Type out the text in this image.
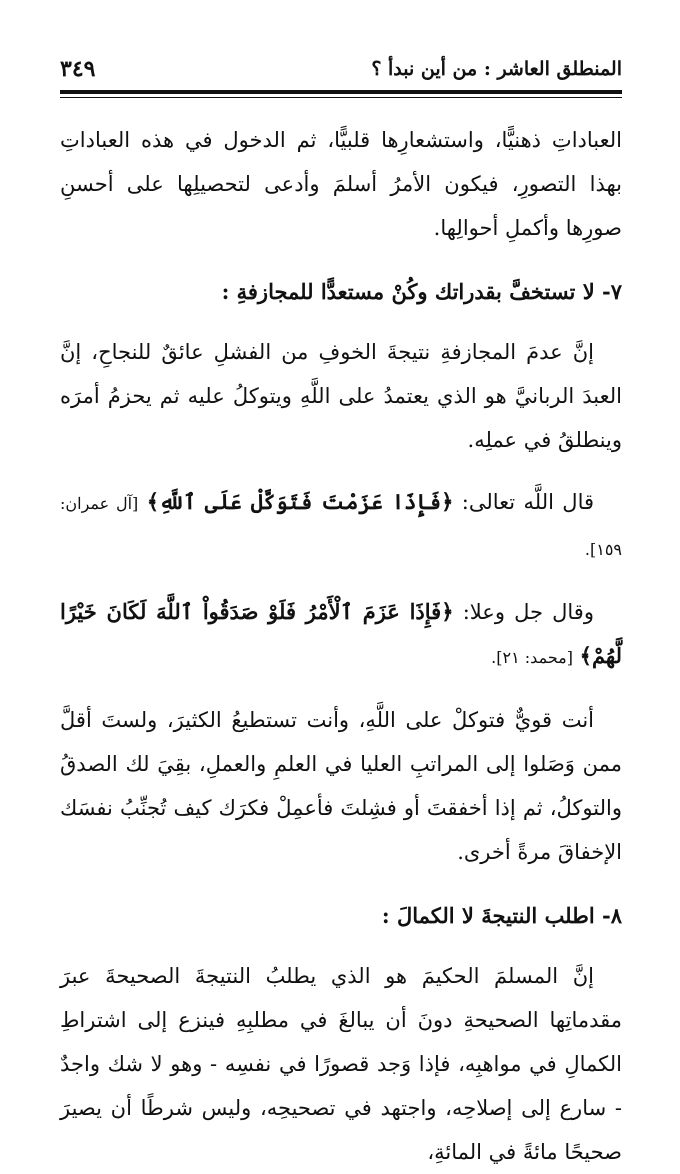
المنطلق العاشر : من أين نبدأ ؟
٣٤٩

العباداتِ ذهنيًّا، واستشعارِها قلبيًّا، ثم الدخول في هذه العباداتِ بهذا التصورِ، فيكون الأمرُ أسلمَ وأدعى لتحصيلِها على أحسنِ صورِها وأكملِ أحوالِها.

٧- لا تستخفَّ بقدراتك وكُنْ مستعدًّا للمجازفةِ :

إنَّ عدمَ المجازفةِ نتيجةَ الخوفِ من الفشلِ عائقٌ للنجاحِ، إنَّ العبدَ الربانيَّ هو الذي يعتمدُ على اللَّهِ ويتوكلُ عليه ثم يحزمُ أمرَه وينطلقُ في عملِه.

قال اللَّه تعالى: ﴿فَإِذَا عَزَمْتَ فَتَوَكَّلْ عَلَى ٱللَّهِ﴾ [آل عمران: ١٥٩].

وقال جل وعلا: ﴿فَإِذَا عَزَمَ ٱلْأَمْرُ فَلَوْ صَدَقُواْ ٱللَّهَ لَكَانَ خَيْرًا لَّهُمْ﴾ [محمد: ٢١].

أنت قويٌّ فتوكلْ على اللَّهِ، وأنت تستطيعُ الكثيرَ، ولستَ أقلَّ ممن وَصَلوا إلى المراتبِ العليا في العلمِ والعملِ، بقِيَ لك الصدقُ والتوكلُ، ثم إذا أخفقتَ أو فشِلتَ فأعمِلْ فكرَك كيف تُجنِّبُ نفسَك الإخفاقَ مرةً أخرى.

٨- اطلب النتيجةَ لا الكمالَ :

إنَّ المسلمَ الحكيمَ هو الذي يطلبُ النتيجةَ الصحيحةَ عبرَ مقدماتِها الصحيحةِ دونَ أن يبالغَ في مطلبِهِ فينزع إلى اشتراطِ الكمالِ في مواهبِه، فإذا وَجد قصورًا في نفسِه - وهو لا شك واجدٌ - سارع إلى إصلاحِه، واجتهد في تصحيحِه، وليس شرطًا أن يصيرَ صحيحًا مائةً في المائةِ،
